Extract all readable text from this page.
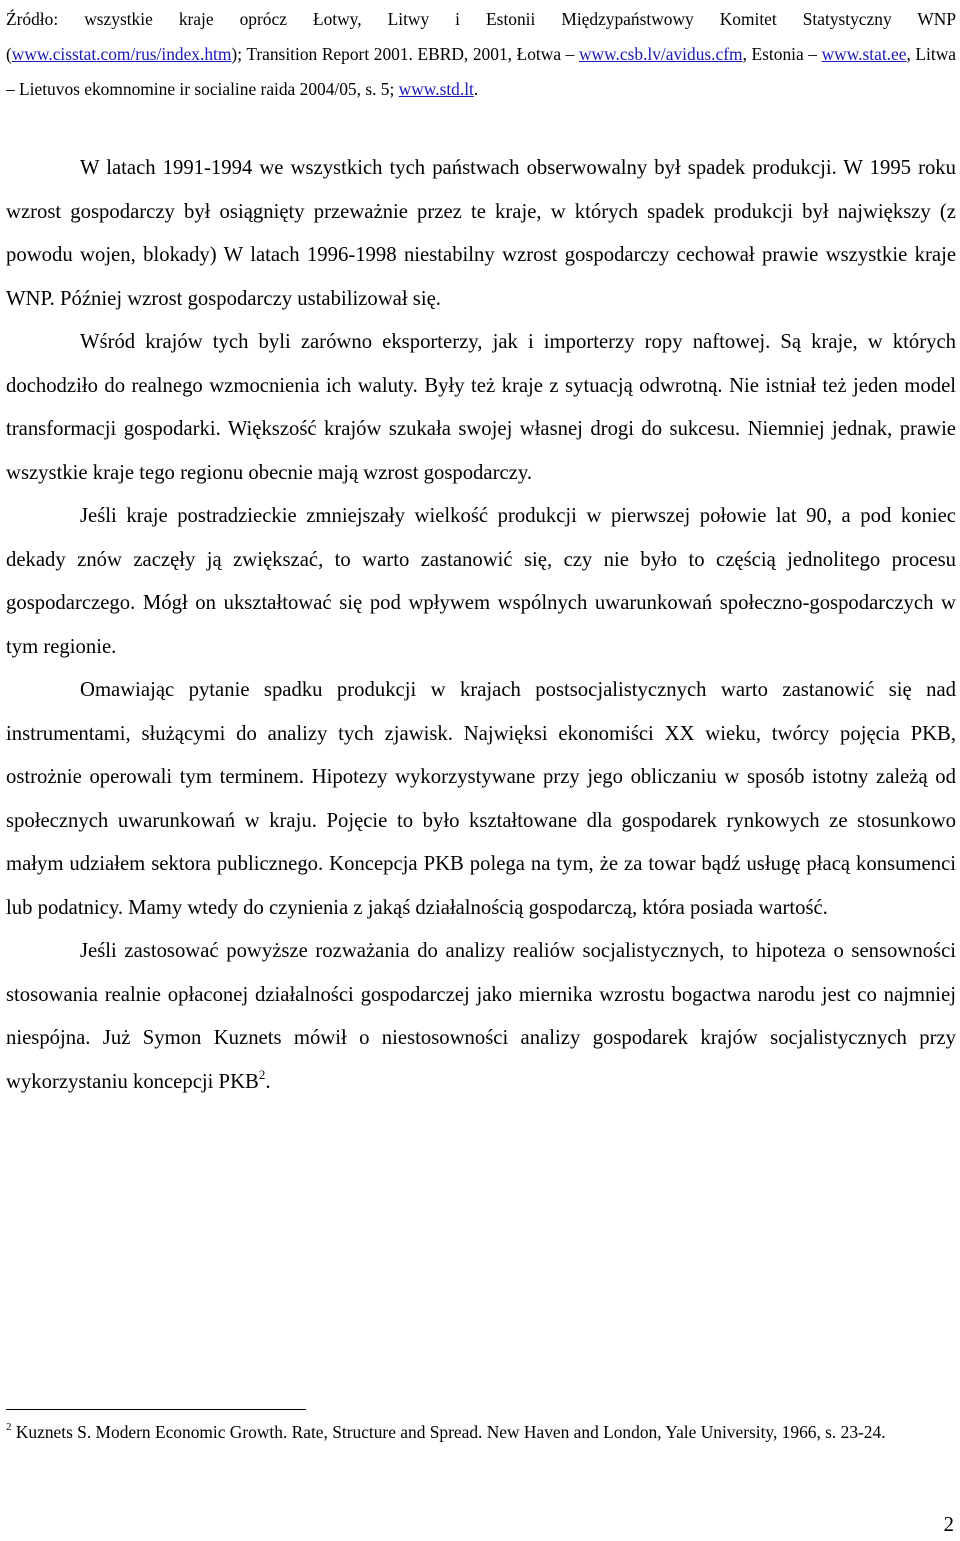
Źródło: wszystkie kraje oprócz Łotwy, Litwy i Estonii Międzypaństwowy Komitet Statystyczny WNP (www.cisstat.com/rus/index.htm); Transition Report 2001. EBRD, 2001, Łotwa – www.csb.lv/avidus.cfm, Estonia – www.stat.ee, Litwa – Lietuvos ekomnomine ir socialine raida 2004/05, s. 5; www.std.lt.

W latach 1991-1994 we wszystkich tych państwach obserwowalny był spadek produkcji. W 1995 roku wzrost gospodarczy był osiągnięty przeważnie przez te kraje, w których spadek produkcji był największy (z powodu wojen, blokady) W latach 1996-1998 niestabilny wzrost gospodarczy cechował prawie wszystkie kraje WNP. Później wzrost gospodarczy ustabilizował się.

Wśród krajów tych byli zarówno eksporterzy, jak i importerzy ropy naftowej. Są kraje, w których dochodziło do realnego wzmocnienia ich waluty. Były też kraje z sytuacją odwrotną. Nie istniał też jeden model transformacji gospodarki. Większość krajów szukała swojej własnej drogi do sukcesu. Niemniej jednak, prawie wszystkie kraje tego regionu obecnie mają wzrost gospodarczy.

Jeśli kraje postradzieckie zmniejszały wielkość produkcji w pierwszej połowie lat 90, a pod koniec dekady znów zaczęły ją zwiększać, to warto zastanowić się, czy nie było to częścią jednolitego procesu gospodarczego. Mógł on ukształtować się pod wpływem wspólnych uwarunkowań społeczno-gospodarczych w tym regionie.

Omawiając pytanie spadku produkcji w krajach postsocjalistycznych warto zastanowić się nad instrumentami, służącymi do analizy tych zjawisk. Najwięksi ekonomiści XX wieku, twórcy pojęcia PKB, ostrożnie operowali tym terminem. Hipotezy wykorzystywane przy jego obliczaniu w sposób istotny zależą od społecznych uwarunkowań w kraju. Pojęcie to było kształtowane dla gospodarek rynkowych ze stosunkowo małym udziałem sektora publicznego. Koncepcja PKB polega na tym, że za towar bądź usługę płacą konsumenci lub podatnicy. Mamy wtedy do czynienia z jakąś działalnością gospodarczą, która posiada wartość.

Jeśli zastosować powyższe rozważania do analizy realiów socjalistycznych, to hipoteza o sensowności stosowania realnie opłaconej działalności gospodarczej jako miernika wzrostu bogactwa narodu jest co najmniej niespójna. Już Symon Kuznets mówił o niestosowności analizy gospodarek krajów socjalistycznych przy wykorzystaniu koncepcji PKB$^2$.

$^2$ Kuznets S. Modern Economic Growth. Rate, Structure and Spread. New Haven and London, Yale University, 1966, s. 23-24.

2
